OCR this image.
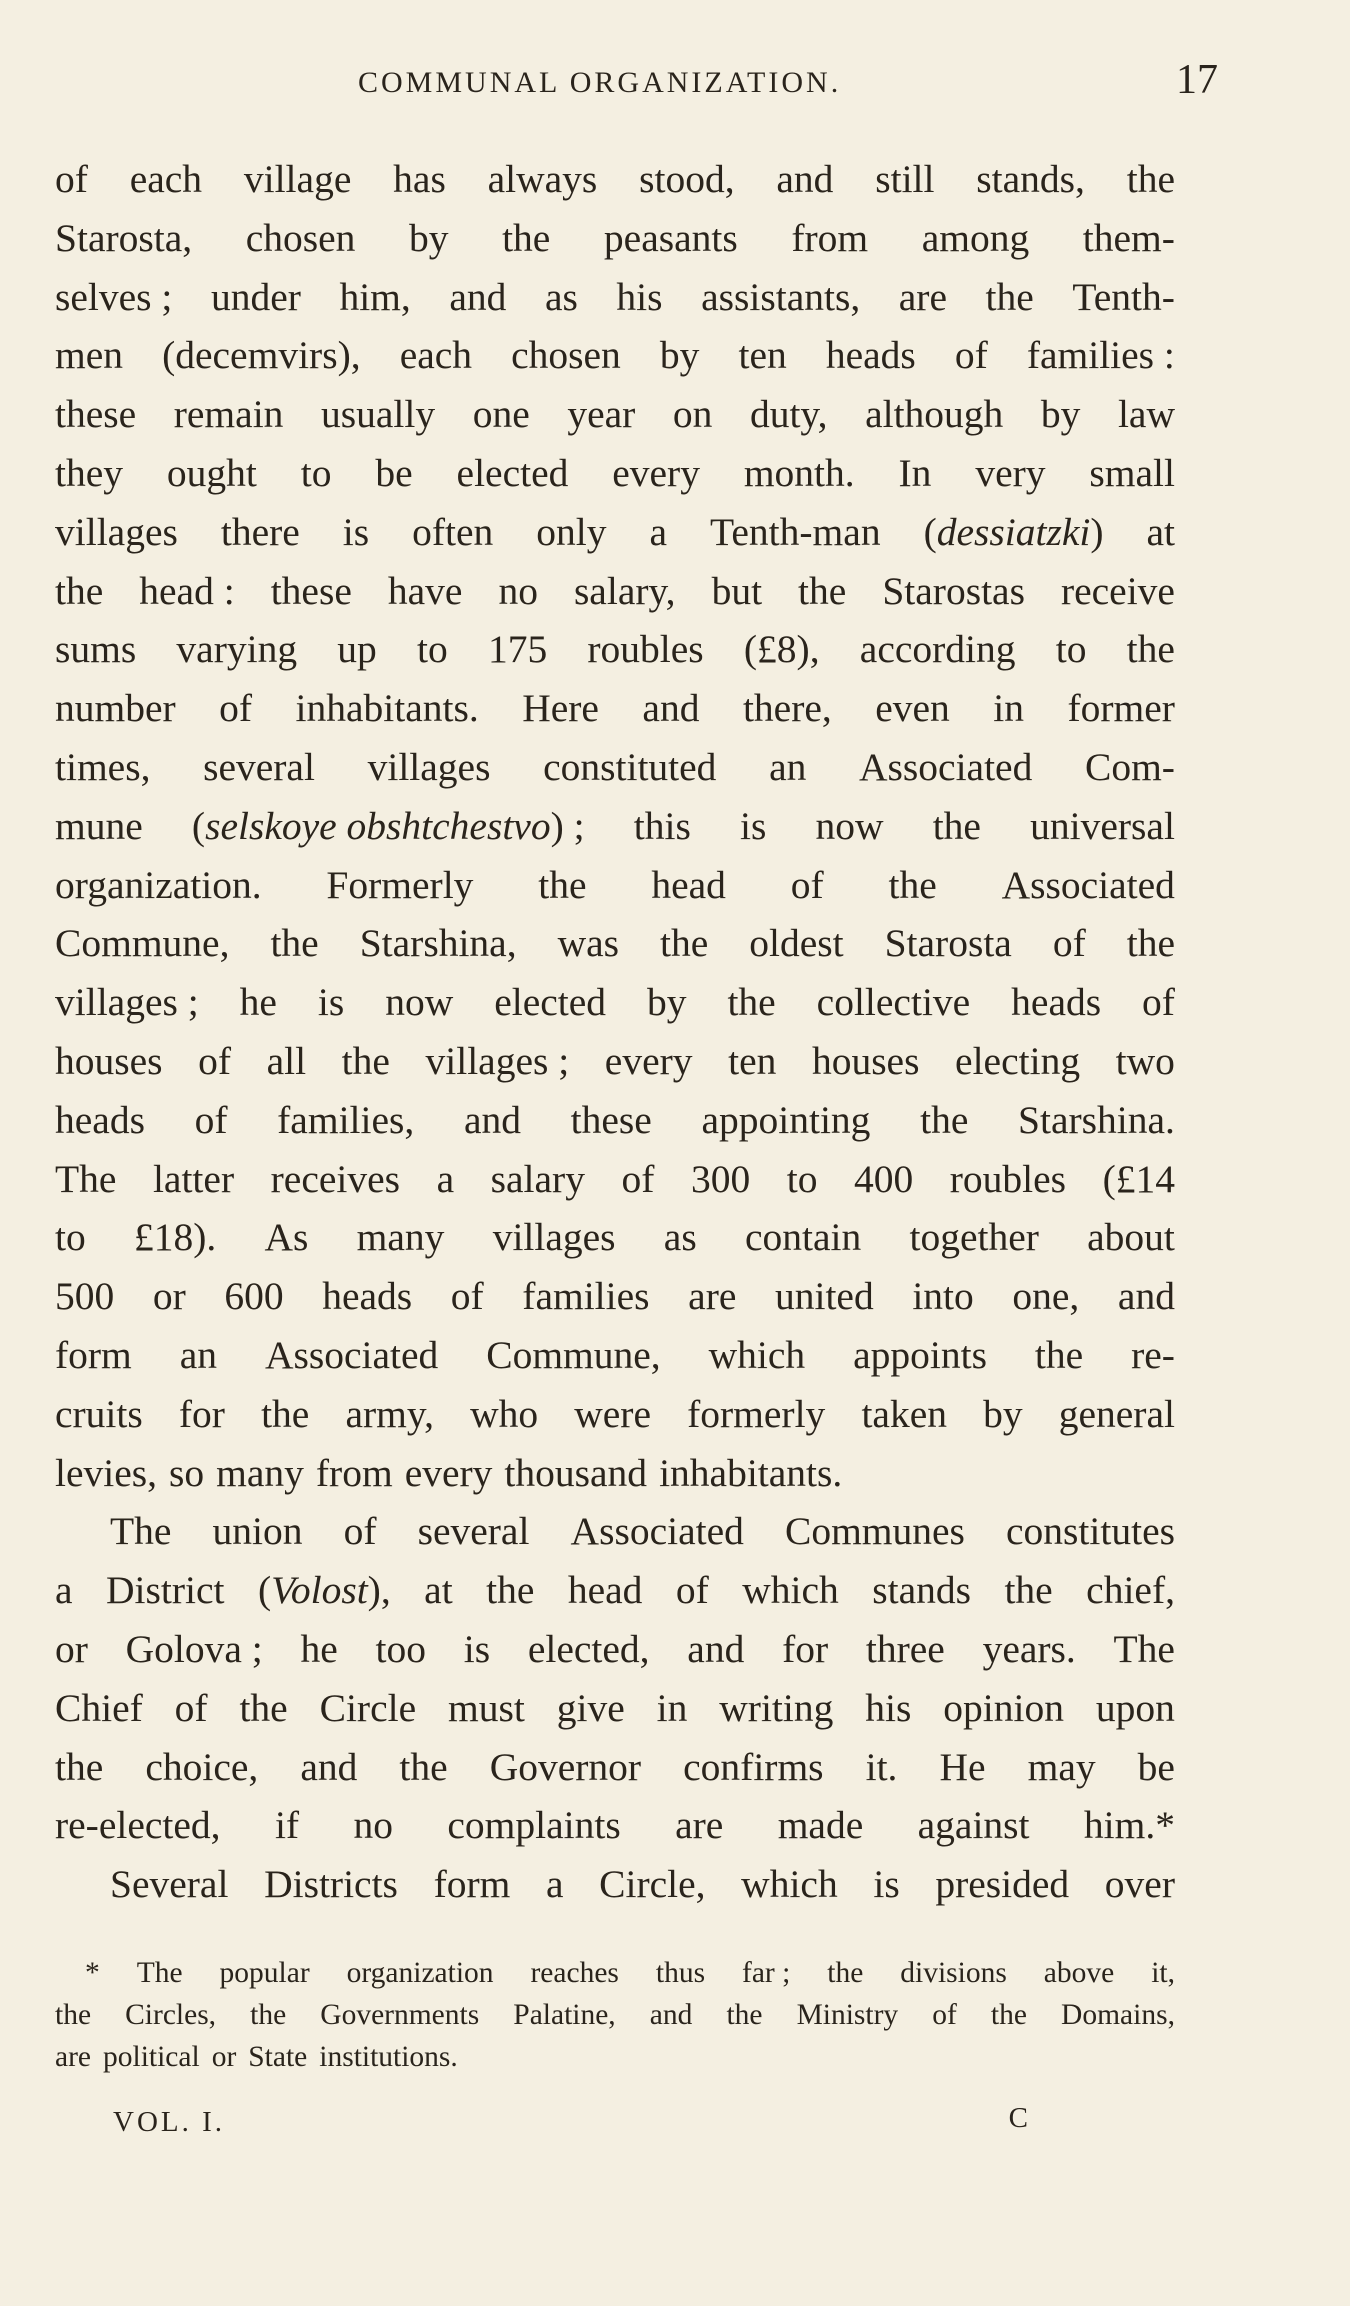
COMMUNAL ORGANIZATION.	17
of each village has always stood, and still stands, the
Starosta, chosen by the peasants from among them-
selves ; under him, and as his assistants, are the Tenth-
men (decemvirs), each chosen by ten heads of families :
these remain usually one year on duty, although by law
they ought to be elected every month. In very small
villages there is often only a Tenth-man (dessiatzki) at
the head : these have no salary, but the Starostas receive
sums varying up to 175 roubles (£8), according to the
number of inhabitants. Here and there, even in former
times, several villages constituted an Associated Com-
mune (selskoye obshtchestvo) ; this is now the universal
organization. Formerly the head of the Associated
Commune, the Starshina, was the oldest Starosta of the
villages ; he is now elected by the collective heads of
houses of all the villages ; every ten houses electing two
heads of families, and these appointing the Starshina.
The latter receives a salary of 300 to 400 roubles (£14
to £18). As many villages as contain together about
500 or 600 heads of families are united into one, and
form an Associated Commune, which appoints the re-
cruits for the army, who were formerly taken by general
levies, so many from every thousand inhabitants.
The union of several Associated Communes constitutes
a District (Volost), at the head of which stands the chief,
or Golova ; he too is elected, and for three years. The
Chief of the Circle must give in writing his opinion upon
the choice, and the Governor confirms it. He may be
re-elected, if no complaints are made against him.*
Several Districts form a Circle, which is presided over
* The popular organization reaches thus far ; the divisions above it,
the Circles, the Governments Palatine, and the Ministry of the Domains,
are political or State institutions.
VOL. I.	C
